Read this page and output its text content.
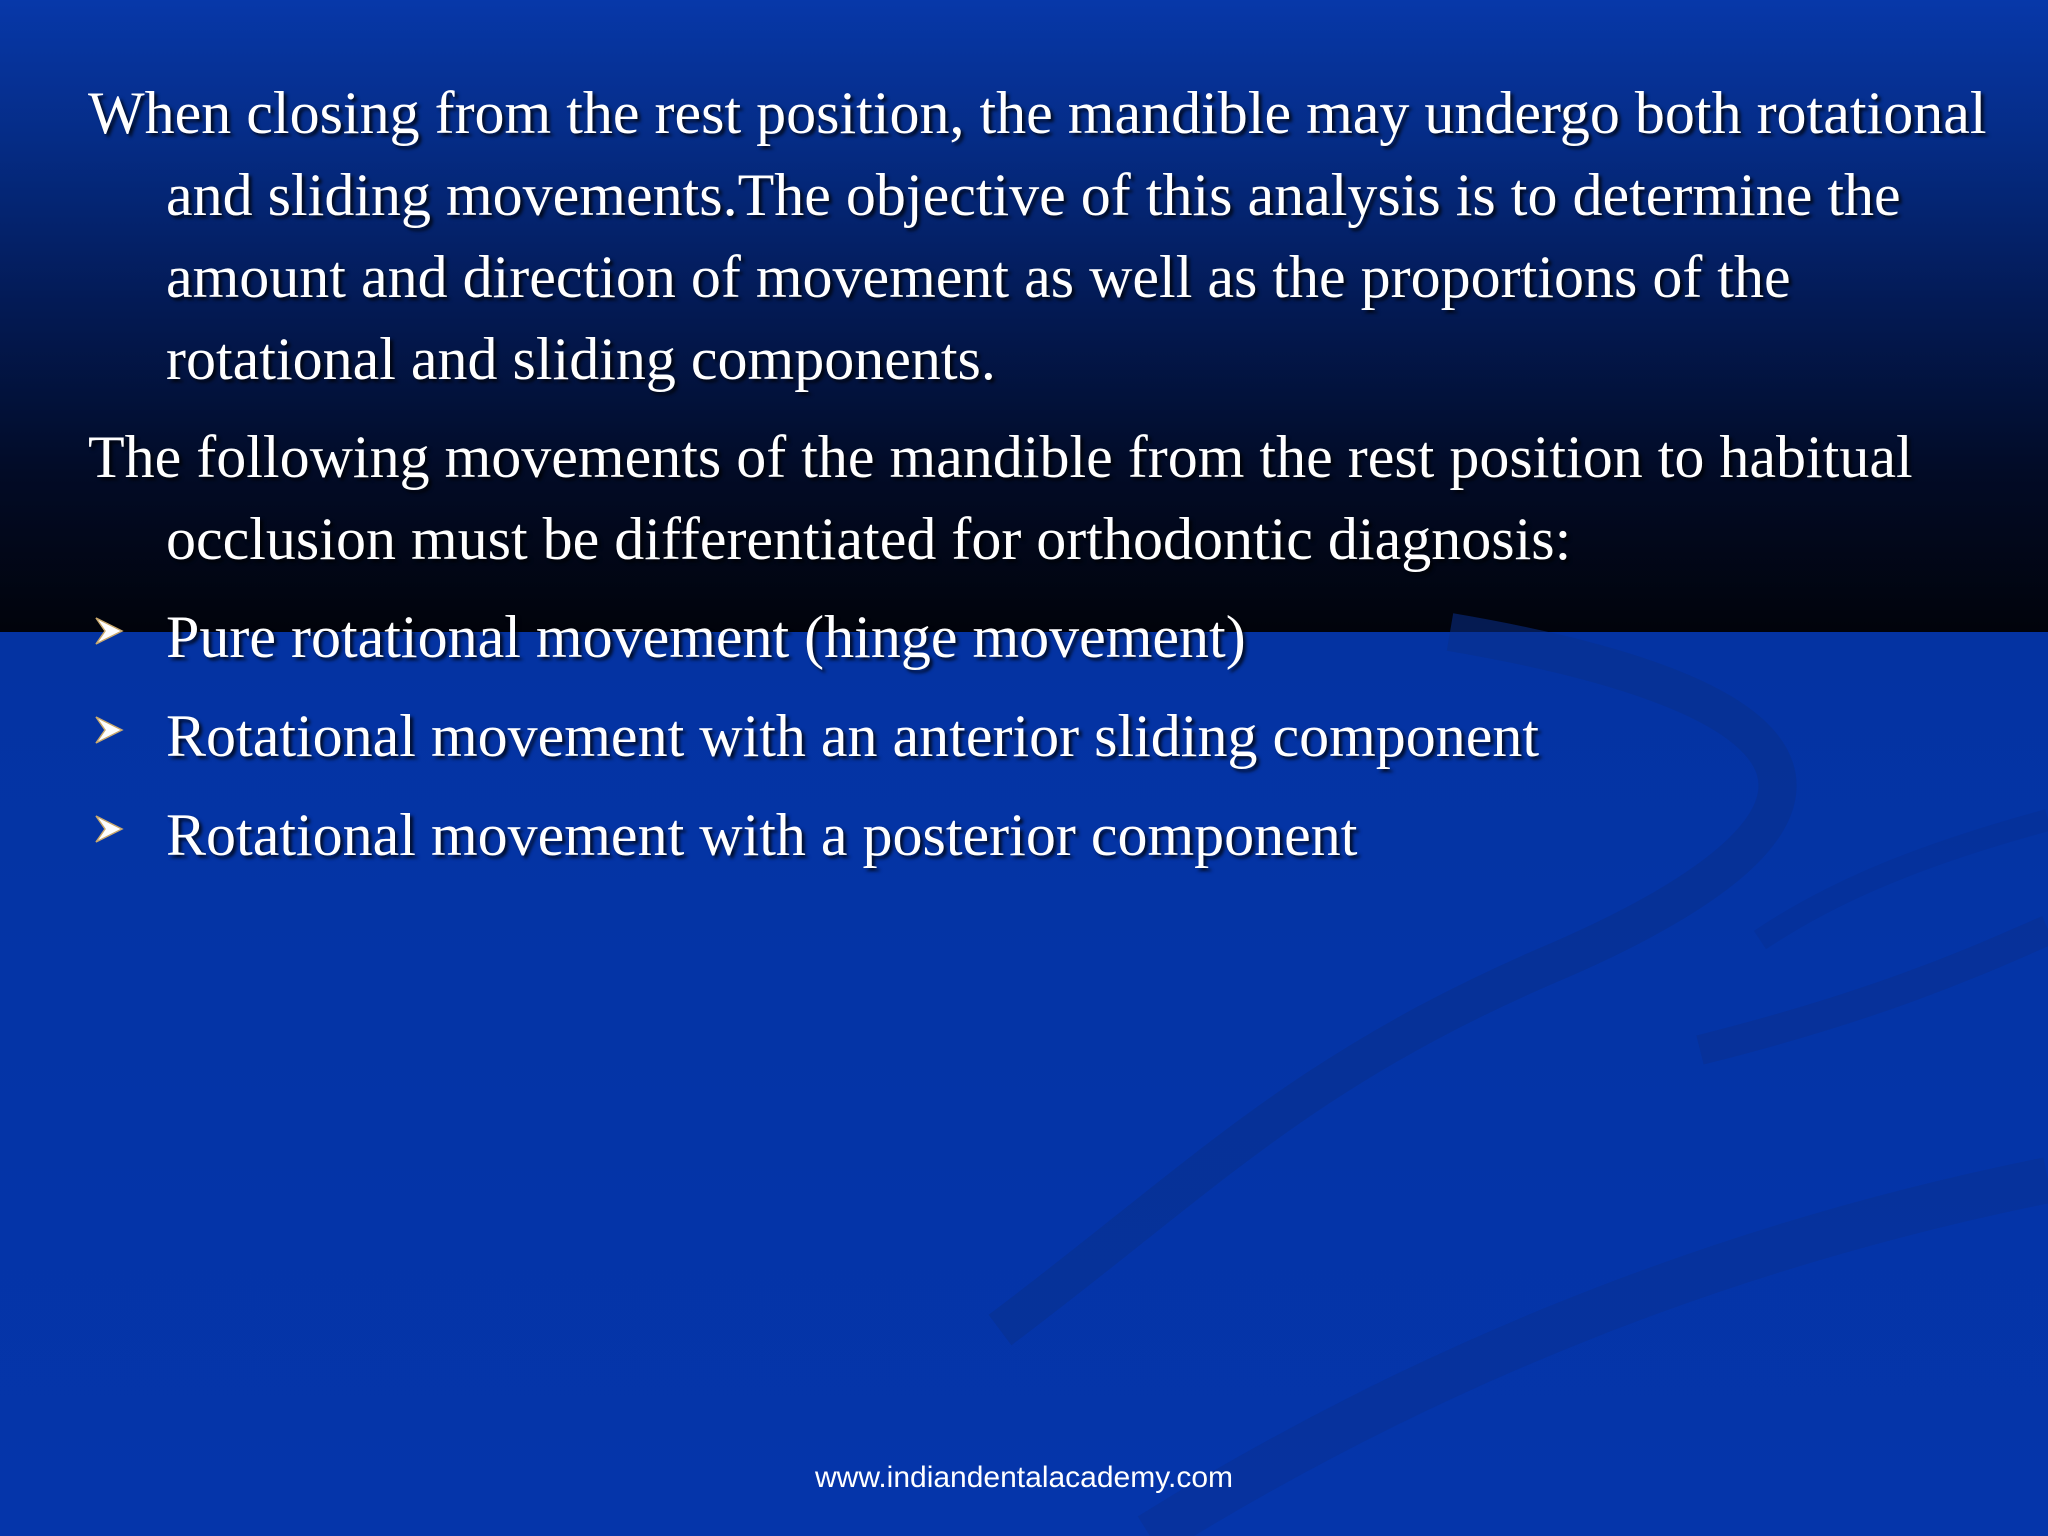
When closing from the rest position, the mandible may undergo both rotational and sliding movements.The objective of this analysis is to determine the amount and direction of movement as well as the proportions of the rotational and sliding components.

The following movements of the mandible from the rest position to habitual occlusion must be differentiated for orthodontic diagnosis:

Pure rotational movement (hinge movement)
Rotational movement with an anterior sliding component
Rotational movement with a posterior component
www.indiandentalacademy.com
